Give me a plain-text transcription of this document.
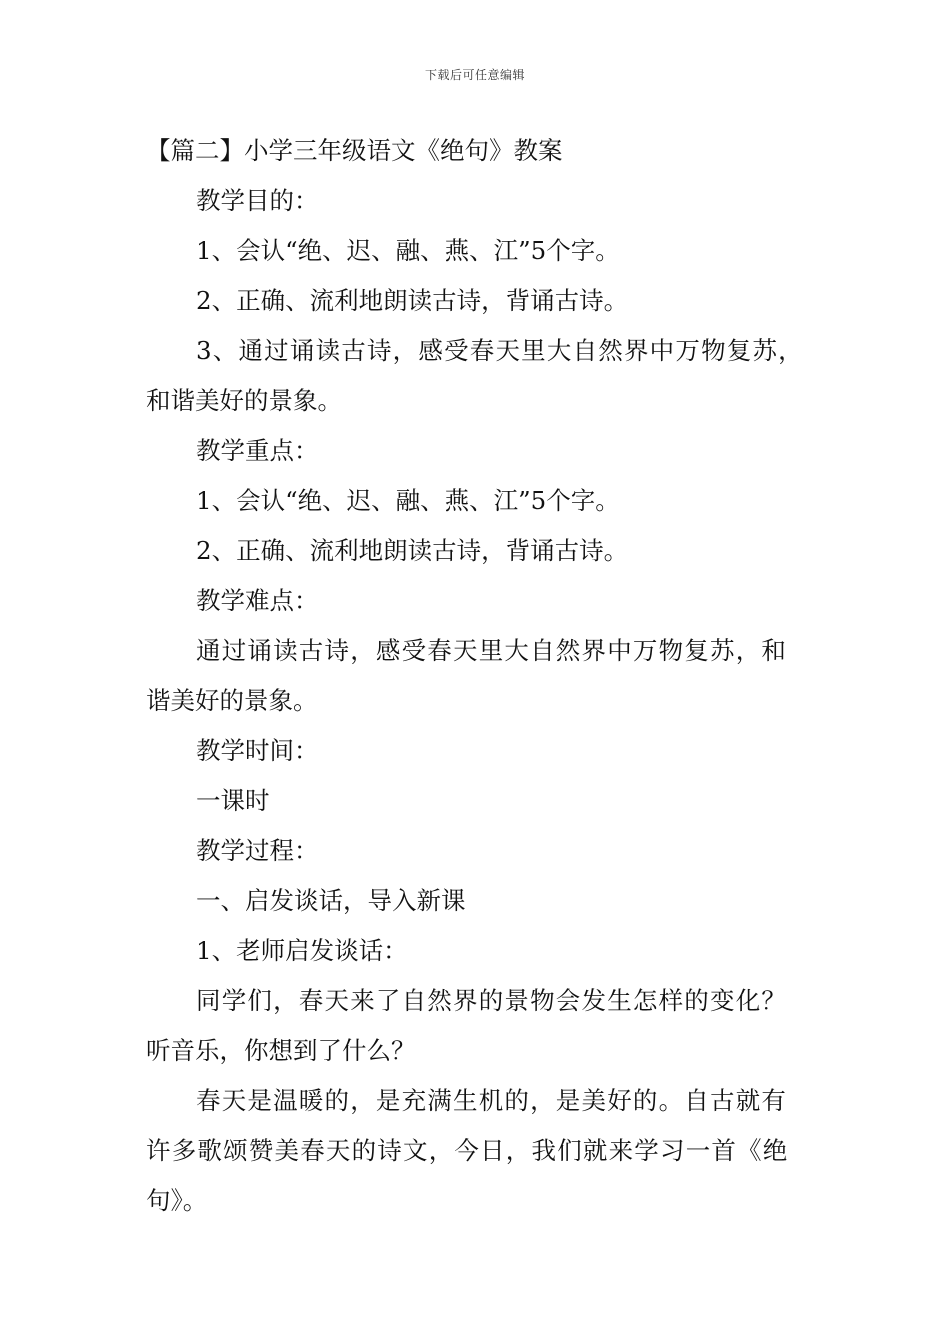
下载后可任意编辑
【篇二】小学三年级语文《绝句》教案
教学目的：
1、会认“绝、迟、融、燕、江”5个字。
2、正确、流利地朗读古诗，背诵古诗。
3、通过诵读古诗，感受春天里大自然界中万物复苏，
和谐美好的景象。
教学重点：
1、会认“绝、迟、融、燕、江”5个字。
2、正确、流利地朗读古诗，背诵古诗。
教学难点：
通过诵读古诗，感受春天里大自然界中万物复苏，和
谐美好的景象。
教学时间：
一课时
教学过程：
一、启发谈话，导入新课
1、老师启发谈话：
同学们，春天来了自然界的景物会发生怎样的变化？
听音乐，你想到了什么？
春天是温暖的，是充满生机的，是美好的。自古就有
许多歌颂赞美春天的诗文，今日，我们就来学习一首《绝
句》。
